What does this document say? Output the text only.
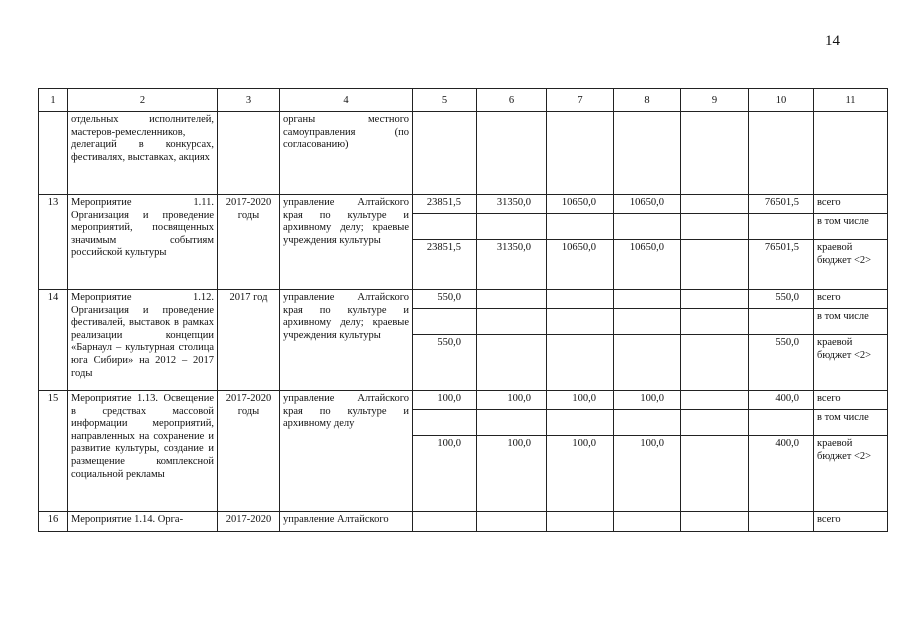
14
1	2	3	4	5	6	7	8	9	10	11
	отдельных исполнителей, мастеров-ремесленников, делегаций в конкурсах, фестивалях, выставках, акциях		органы местного самоуправления (по согласованию)							
13	Мероприятие 1.11. Организация и проведение мероприятий, посвященных значимым событиям российской культуры	2017-2020 годы	управление Алтайского края по культуре и архивному делу; краевые учреждения культуры	23851,5	31350,0	10650,0	10650,0		76501,5	всего
										в том числе
				23851,5	31350,0	10650,0	10650,0		76501,5	краевой бюджет <2>
14	Мероприятие 1.12. Организация и проведение фестивалей, выставок в рамках реализации концепции «Барнаул – культурная столица юга Сибири» на 2012 – 2017 годы	2017 год	управление Алтайского края по культуре и архивному делу; краевые учреждения культуры	550,0					550,0	всего
										в том числе
				550,0					550,0	краевой бюджет <2>
15	Мероприятие 1.13. Освещение в средствах массовой информации мероприятий, направленных на сохранение и развитие культуры, создание и размещение комплексной социальной рекламы	2017-2020 годы	управление Алтайского края по культуре и архивному делу	100,0	100,0	100,0	100,0		400,0	всего
										в том числе
				100,0	100,0	100,0	100,0		400,0	краевой бюджет <2>
16	Мероприятие 1.14. Орга-	2017-2020	управление Алтайского							всего
